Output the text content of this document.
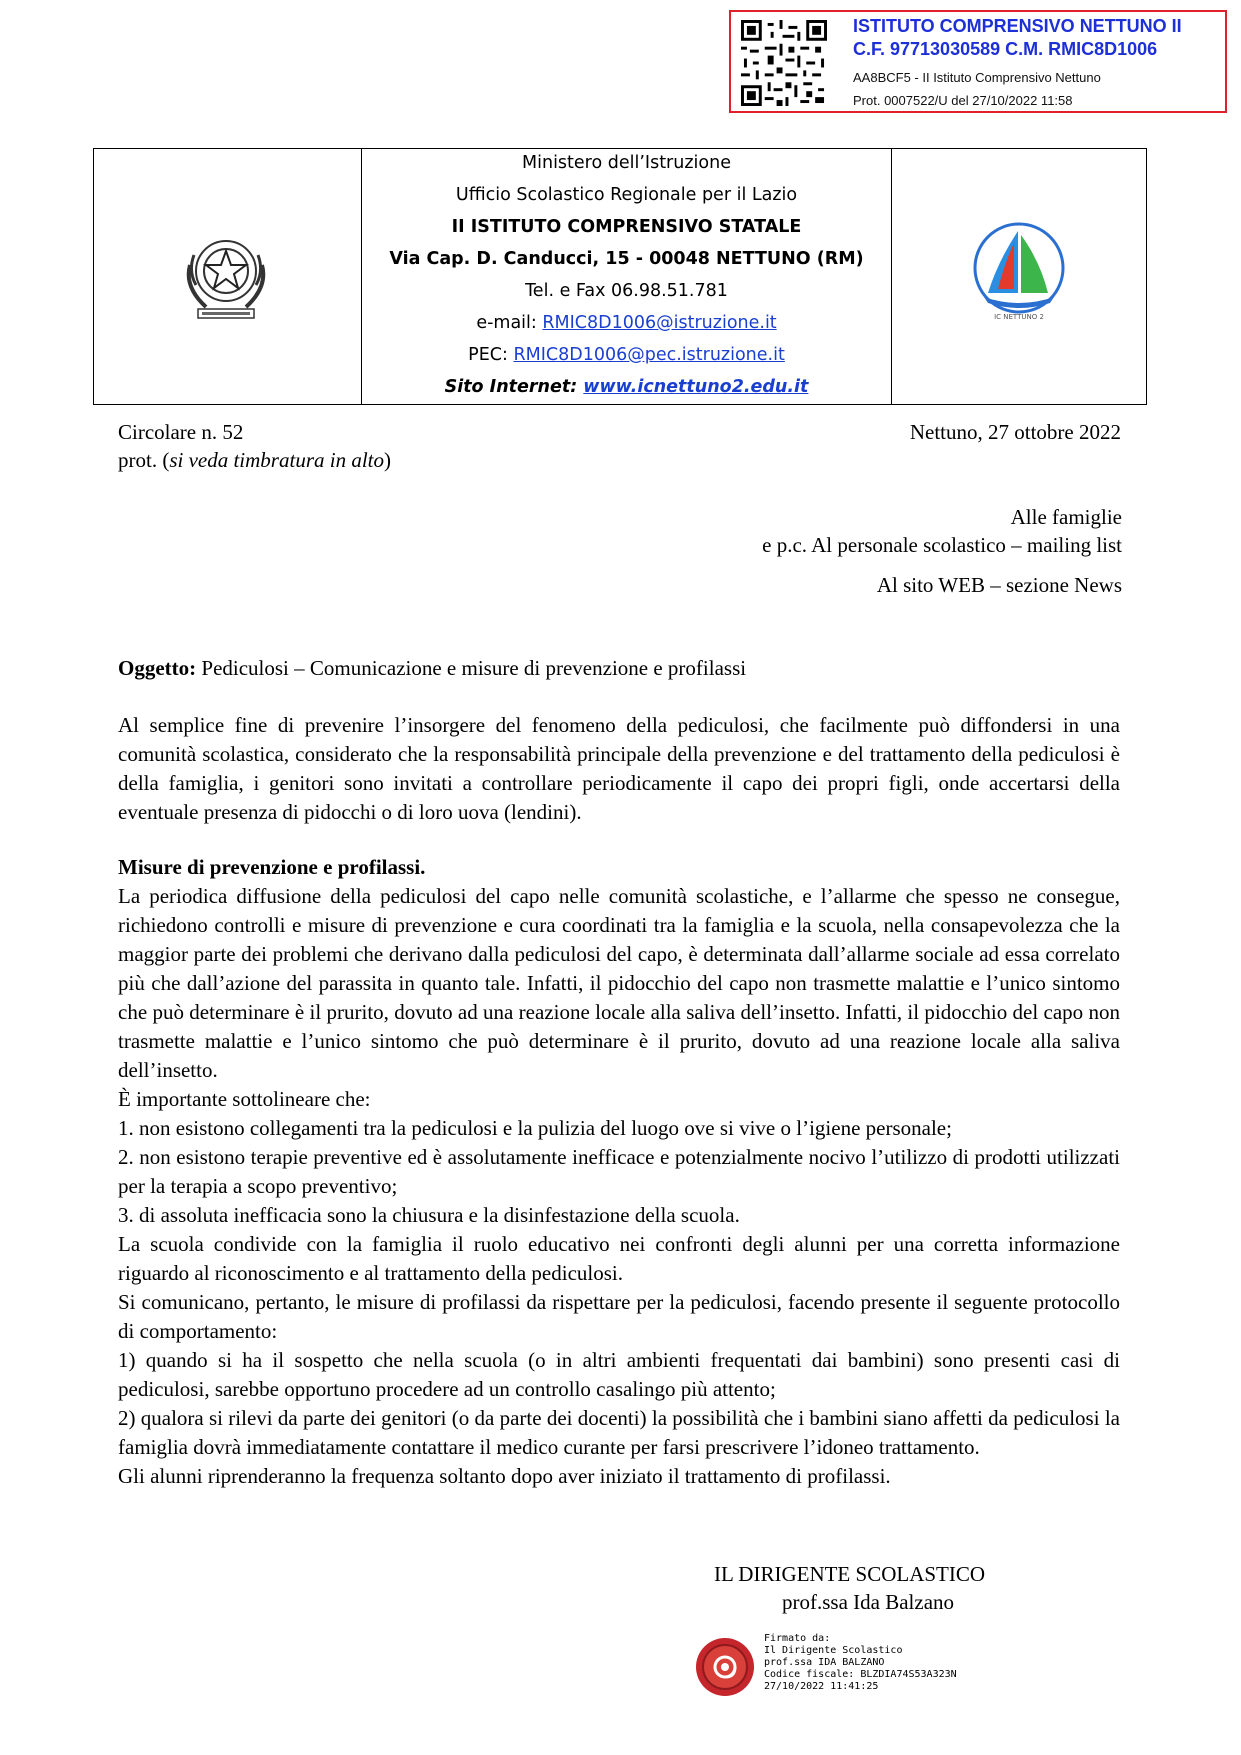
ISTITUTO COMPRENSIVO NETTUNO II
C.F. 97713030589 C.M. RMIC8D1006
AA8BCF5 - II Istituto Comprensivo Nettuno
Prot. 0007522/U del 27/10/2022 11:58
Ministero dell’Istruzione
Ufficio Scolastico Regionale per il Lazio
II ISTITUTO COMPRENSIVO STATALE
Via Cap. D. Canducci, 15 - 00048 NETTUNO (RM)
Tel. e Fax 06.98.51.781
e-mail: RMIC8D1006@istruzione.it
PEC: RMIC8D1006@pec.istruzione.it
Sito Internet: www.icnettuno2.edu.it
IC NETTUNO 2
Circolare n. 52
prot. (si veda timbratura in alto)
Nettuno, 27 ottobre 2022
Alle famiglie
e p.c. Al personale scolastico – mailing list
Al sito WEB – sezione News
Oggetto: Pediculosi – Comunicazione e misure di prevenzione e profilassi
Al semplice fine di prevenire l’insorgere del fenomeno della pediculosi, che facilmente può diffondersi in una comunità scolastica, considerato che la responsabilità principale della prevenzione e del trattamento della pediculosi è della famiglia, i genitori sono invitati a controllare periodicamente il capo dei propri figli, onde accertarsi della eventuale presenza di pidocchi o di loro uova (lendini).

Misure di prevenzione e profilassi.

La periodica diffusione della pediculosi del capo nelle comunità scolastiche, e l’allarme che spesso ne consegue, richiedono controlli e misure di prevenzione e cura coordinati tra la famiglia e la scuola, nella consapevolezza che la maggior parte dei problemi che derivano dalla pediculosi del capo, è determinata dall’allarme sociale ad essa correlato più che dall’azione del parassita in quanto tale. Infatti, il pidocchio del capo non trasmette malattie e l’unico sintomo che può determinare è il prurito, dovuto ad una reazione locale alla saliva dell’insetto. Infatti, il pidocchio del capo non trasmette malattie e l’unico sintomo che può determinare è il prurito, dovuto ad una reazione locale alla saliva dell’insetto.

È importante sottolineare che:

1. non esistono collegamenti tra la pediculosi e la pulizia del luogo ove si vive o l’igiene personale;

2. non esistono terapie preventive ed è assolutamente inefficace e potenzialmente nocivo l’utilizzo di prodotti utilizzati per la terapia a scopo preventivo;

3. di assoluta inefficacia sono la chiusura e la disinfestazione della scuola.

La scuola condivide con la famiglia il ruolo educativo nei confronti degli alunni per una corretta informazione riguardo al riconoscimento e al trattamento della pediculosi.

Si comunicano, pertanto, le misure di profilassi da rispettare per la pediculosi, facendo presente il seguente protocollo di comportamento:

1) quando si ha il sospetto che nella scuola (o in altri ambienti frequentati dai bambini) sono presenti casi di pediculosi, sarebbe opportuno procedere ad un controllo casalingo più attento;

2) qualora si rilevi da parte dei genitori (o da parte dei docenti) la possibilità che i bambini siano affetti da pediculosi la famiglia dovrà immediatamente contattare il medico curante per farsi prescrivere l’idoneo trattamento.

Gli alunni riprenderanno la frequenza soltanto dopo aver iniziato il trattamento di profilassi.

IL DIRIGENTE SCOLASTICO
prof.ssa Ida Balzano
Firmato da:
Il Dirigente Scolastico
prof.ssa IDA BALZANO
Codice fiscale: BLZDIA74S53A323N
27/10/2022 11:41:25
